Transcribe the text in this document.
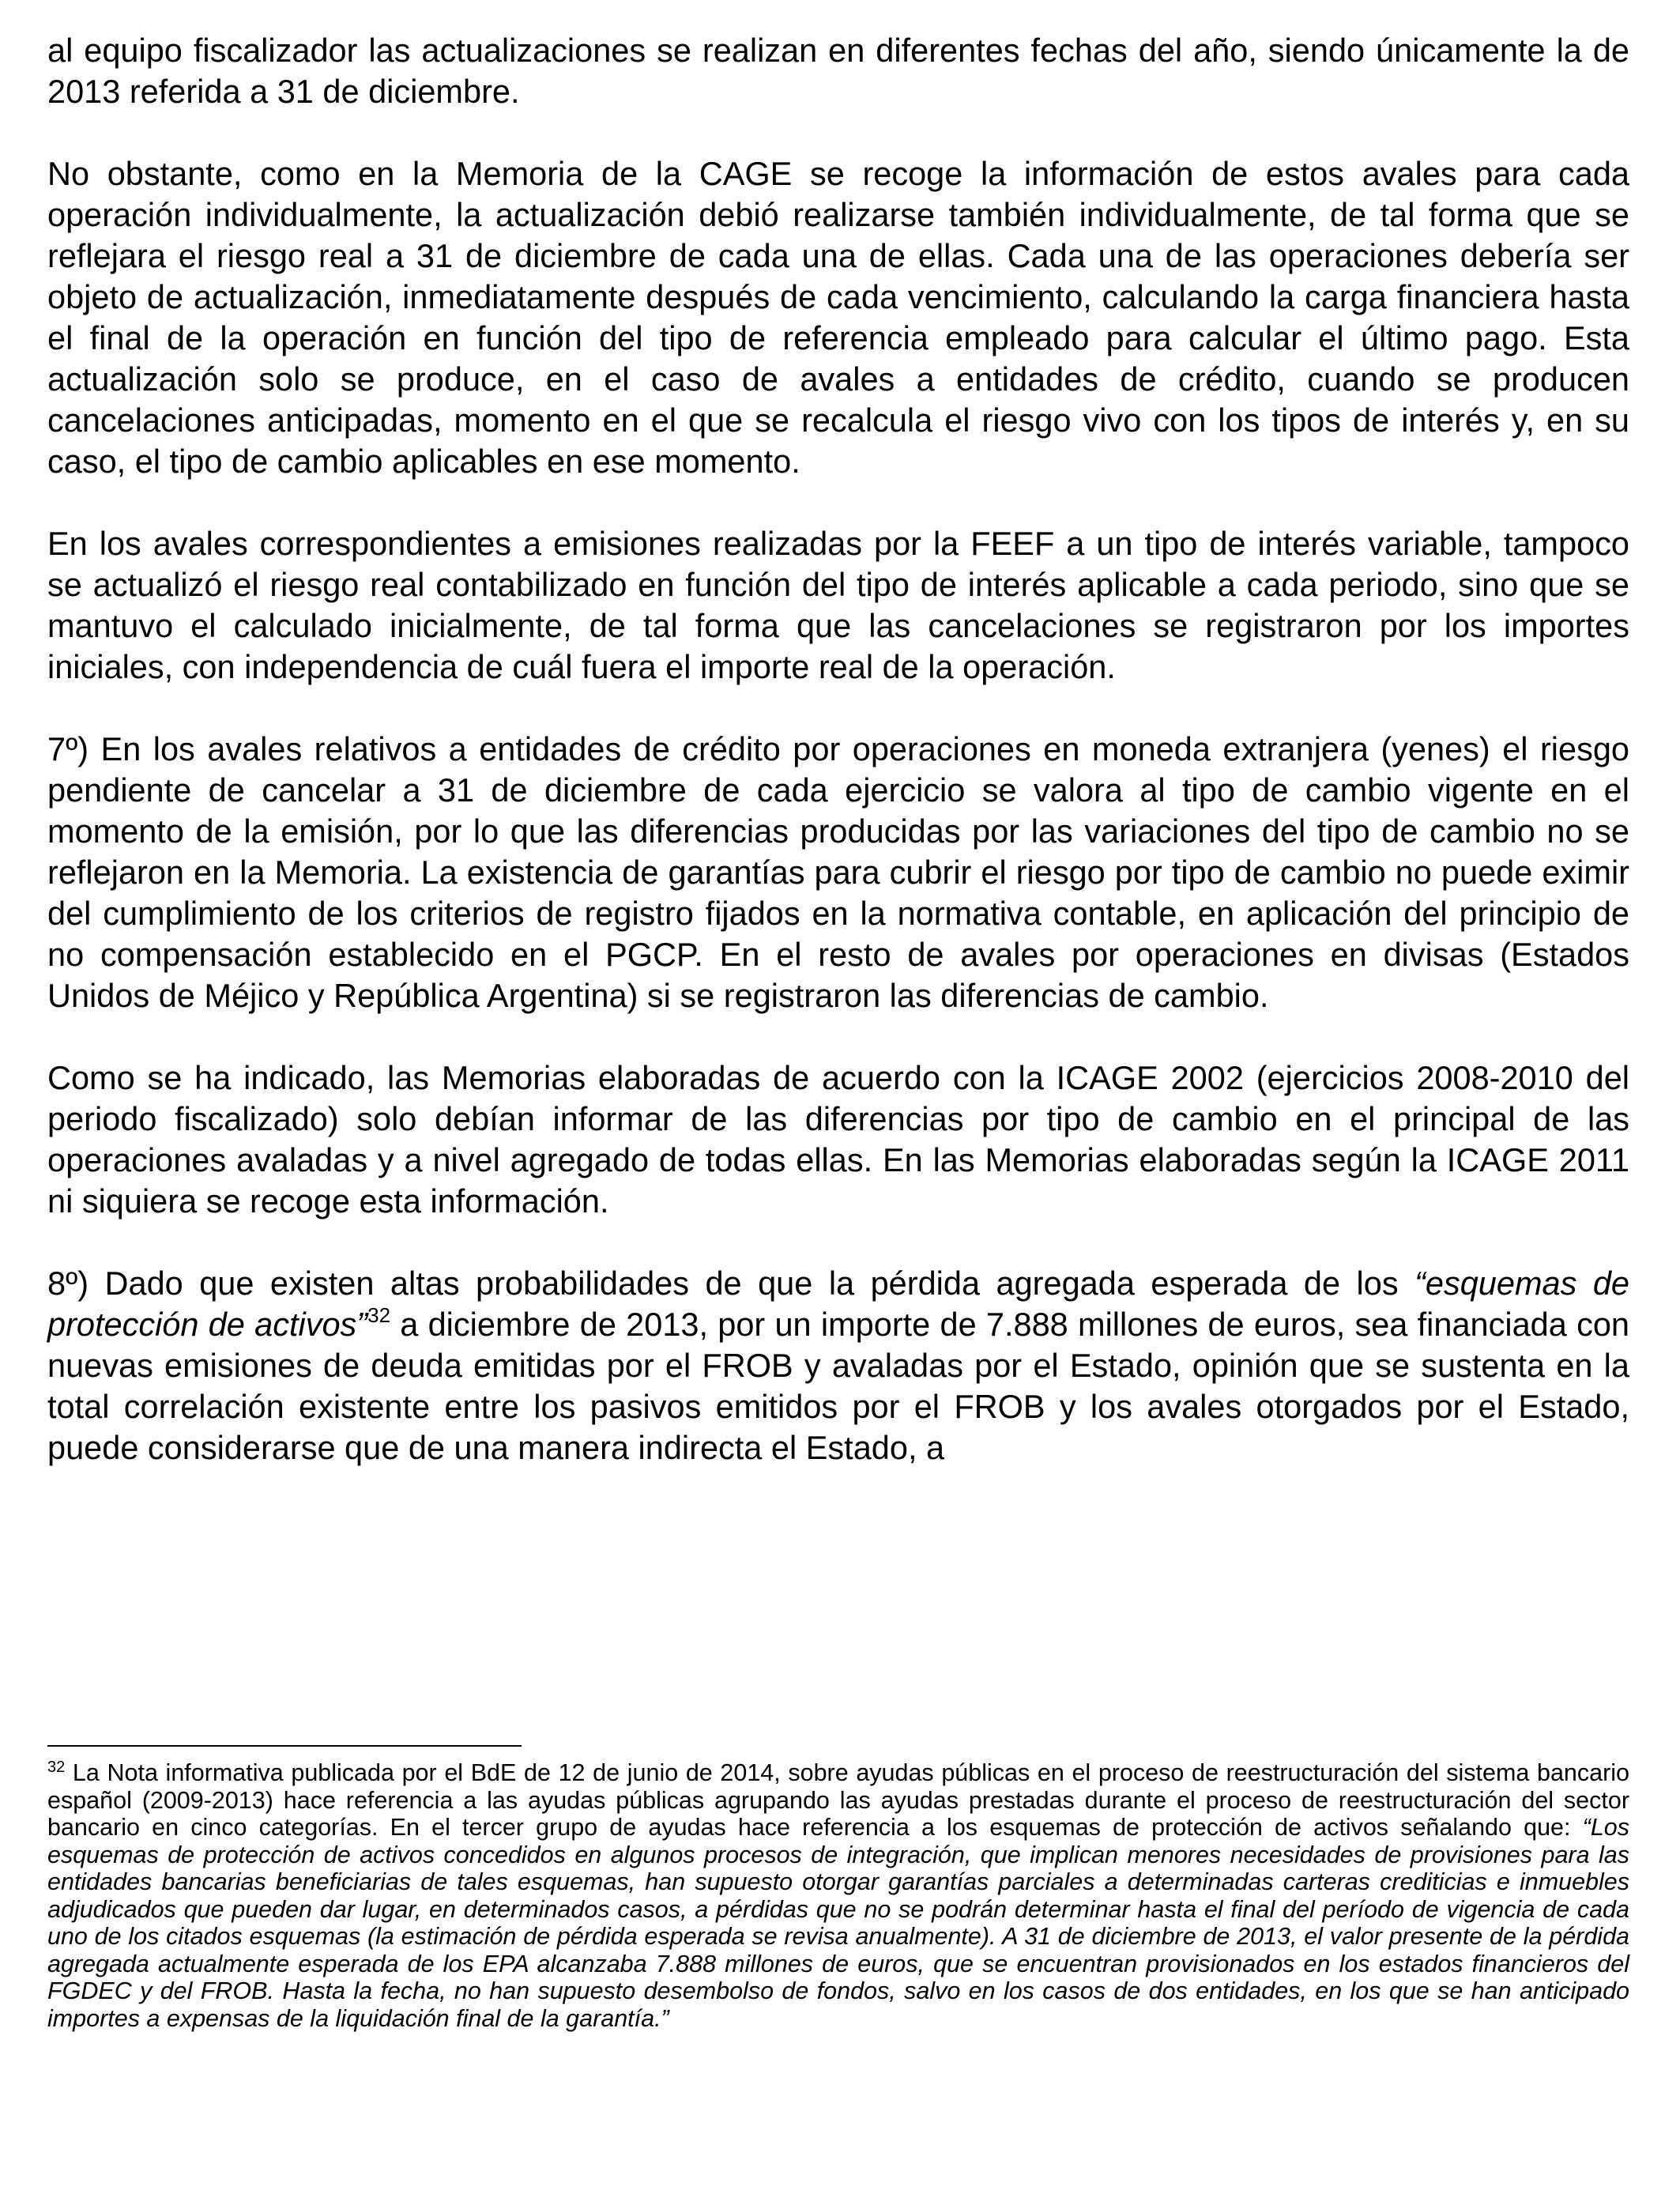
al equipo fiscalizador las actualizaciones se realizan en diferentes fechas del año, siendo únicamente la de 2013 referida a 31 de diciembre.

No obstante, como en la Memoria de la CAGE se recoge la información de estos avales para cada operación individualmente, la actualización debió realizarse también individualmente, de tal forma que se reflejara el riesgo real a 31 de diciembre de cada una de ellas. Cada una de las operaciones debería ser objeto de actualización, inmediatamente después de cada vencimiento, calculando la carga financiera hasta el final de la operación en función del tipo de referencia empleado para calcular el último pago. Esta actualización solo se produce, en el caso de avales a entidades de crédito, cuando se producen cancelaciones anticipadas, momento en el que se recalcula el riesgo vivo con los tipos de interés y, en su caso, el tipo de cambio aplicables en ese momento.

En los avales correspondientes a emisiones realizadas por la FEEF a un tipo de interés variable, tampoco se actualizó el riesgo real contabilizado en función del tipo de interés aplicable a cada periodo, sino que se mantuvo el calculado inicialmente, de tal forma que las cancelaciones se registraron por los importes iniciales, con independencia de cuál fuera el importe real de la operación.

7º) En los avales relativos a entidades de crédito por operaciones en moneda extranjera (yenes) el riesgo pendiente de cancelar a 31 de diciembre de cada ejercicio se valora al tipo de cambio vigente en el momento de la emisión, por lo que las diferencias producidas por las variaciones del tipo de cambio no se reflejaron en la Memoria. La existencia de garantías para cubrir el riesgo por tipo de cambio no puede eximir del cumplimiento de los criterios de registro fijados en la normativa contable, en aplicación del principio de no compensación establecido en el PGCP. En el resto de avales por operaciones en divisas (Estados Unidos de Méjico y República Argentina) si se registraron las diferencias de cambio.

Como se ha indicado, las Memorias elaboradas de acuerdo con la ICAGE 2002 (ejercicios 2008-2010 del periodo fiscalizado) solo debían informar de las diferencias por tipo de cambio en el principal de las operaciones avaladas y a nivel agregado de todas ellas. En las Memorias elaboradas según la ICAGE 2011 ni siquiera se recoge esta información.

8º) Dado que existen altas probabilidades de que la pérdida agregada esperada de los “esquemas de protección de activos”$^{32}$ a diciembre de 2013, por un importe de 7.888 millones de euros, sea financiada con nuevas emisiones de deuda emitidas por el FROB y avaladas por el Estado, opinión que se sustenta en la total correlación existente entre los pasivos emitidos por el FROB y los avales otorgados por el Estado, puede considerarse que de una manera indirecta el Estado, a

$^{32}$ La Nota informativa publicada por el BdE de 12 de junio de 2014, sobre ayudas públicas en el proceso de reestructuración del sistema bancario español (2009-2013) hace referencia a las ayudas públicas agrupando las ayudas prestadas durante el proceso de reestructuración del sector bancario en cinco categorías. En el tercer grupo de ayudas hace referencia a los esquemas de protección de activos señalando que: “Los esquemas de protección de activos concedidos en algunos procesos de integración, que implican menores necesidades de provisiones para las entidades bancarias beneficiarias de tales esquemas, han supuesto otorgar garantías parciales a determinadas carteras crediticias e inmuebles adjudicados que pueden dar lugar, en determinados casos, a pérdidas que no se podrán determinar hasta el final del período de vigencia de cada uno de los citados esquemas (la estimación de pérdida esperada se revisa anualmente). A 31 de diciembre de 2013, el valor presente de la pérdida agregada actualmente esperada de los EPA alcanzaba 7.888 millones de euros, que se encuentran provisionados en los estados financieros del FGDEC y del FROB. Hasta la fecha, no han supuesto desembolso de fondos, salvo en los casos de dos entidades, en los que se han anticipado importes a expensas de la liquidación final de la garantía.”
